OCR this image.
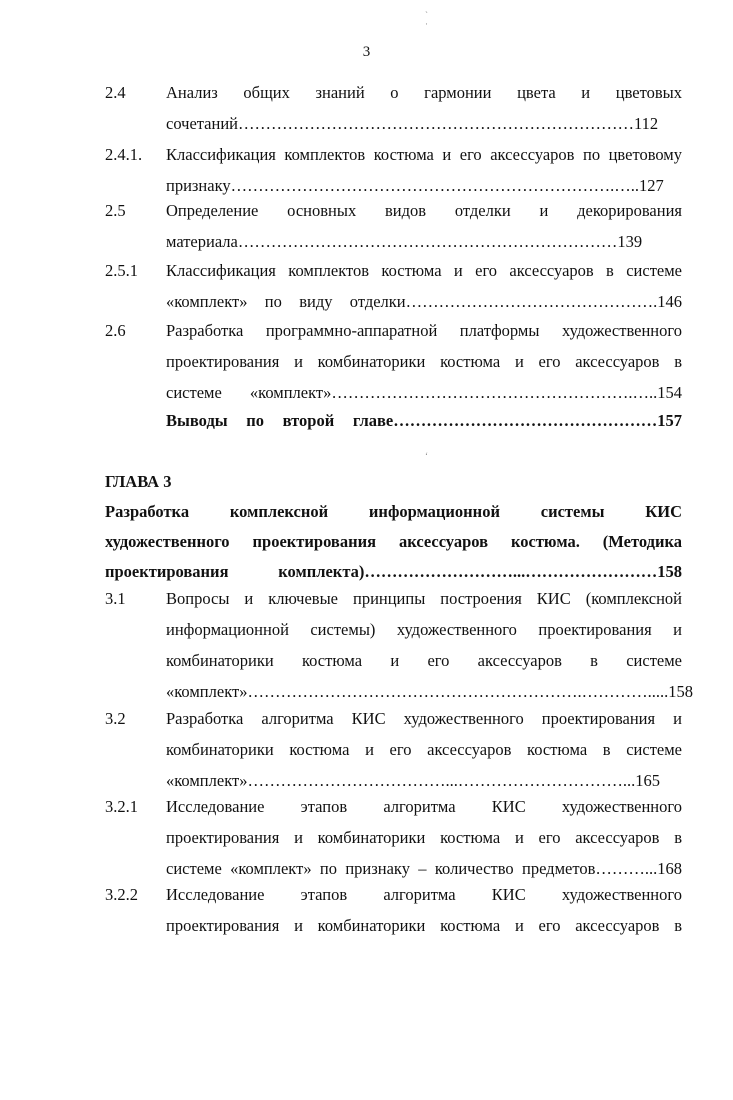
`
·
‘
3
2.4 Анализ общих знаний о гармонии цвета и цветовых
сочетаний………………………………………………………………112
2.4.1. Классификация комплектов костюма и его аксессуаров по цветовому
признаку…………………………………………………………….…..127
2.5 Определение основных видов отделки и декорирования
материала……………………………………………………………139
2.5.1 Классификация комплектов костюма и его аксессуаров в системе
«комплект» по виду отделки……………………………………….146
2.6 Разработка программно-аппаратной платформы художественного
проектирования и комбинаторики костюма и его аксессуаров в
системе «комплект»……………………………………………….…..154
Выводы по второй главе…………………………………………157
ГЛАВА 3
Разработка комплексной информационной системы КИС
художественного проектирования аксессуаров костюма. (Методика
проектирования комплекта)………………………...……………………158
3.1 Вопросы и ключевые принципы построения КИС (комплексной
информационной системы) художественного проектирования и
комбинаторики костюма и его аксессуаров в системе
«комплект»…………………………………………………….………….....158
3.2 Разработка алгоритма КИС художественного проектирования и
комбинаторики костюма и его аксессуаров костюма в системе
«комплект»………………………………...…………………………...165
3.2.1 Исследование этапов алгоритма КИС художественного
проектирования и комбинаторики костюма и его аксессуаров в
системе «комплект» по признаку – количество предметов………...168
3.2.2 Исследование этапов алгоритма КИС художественного
проектирования и комбинаторики костюма и его аксессуаров в
